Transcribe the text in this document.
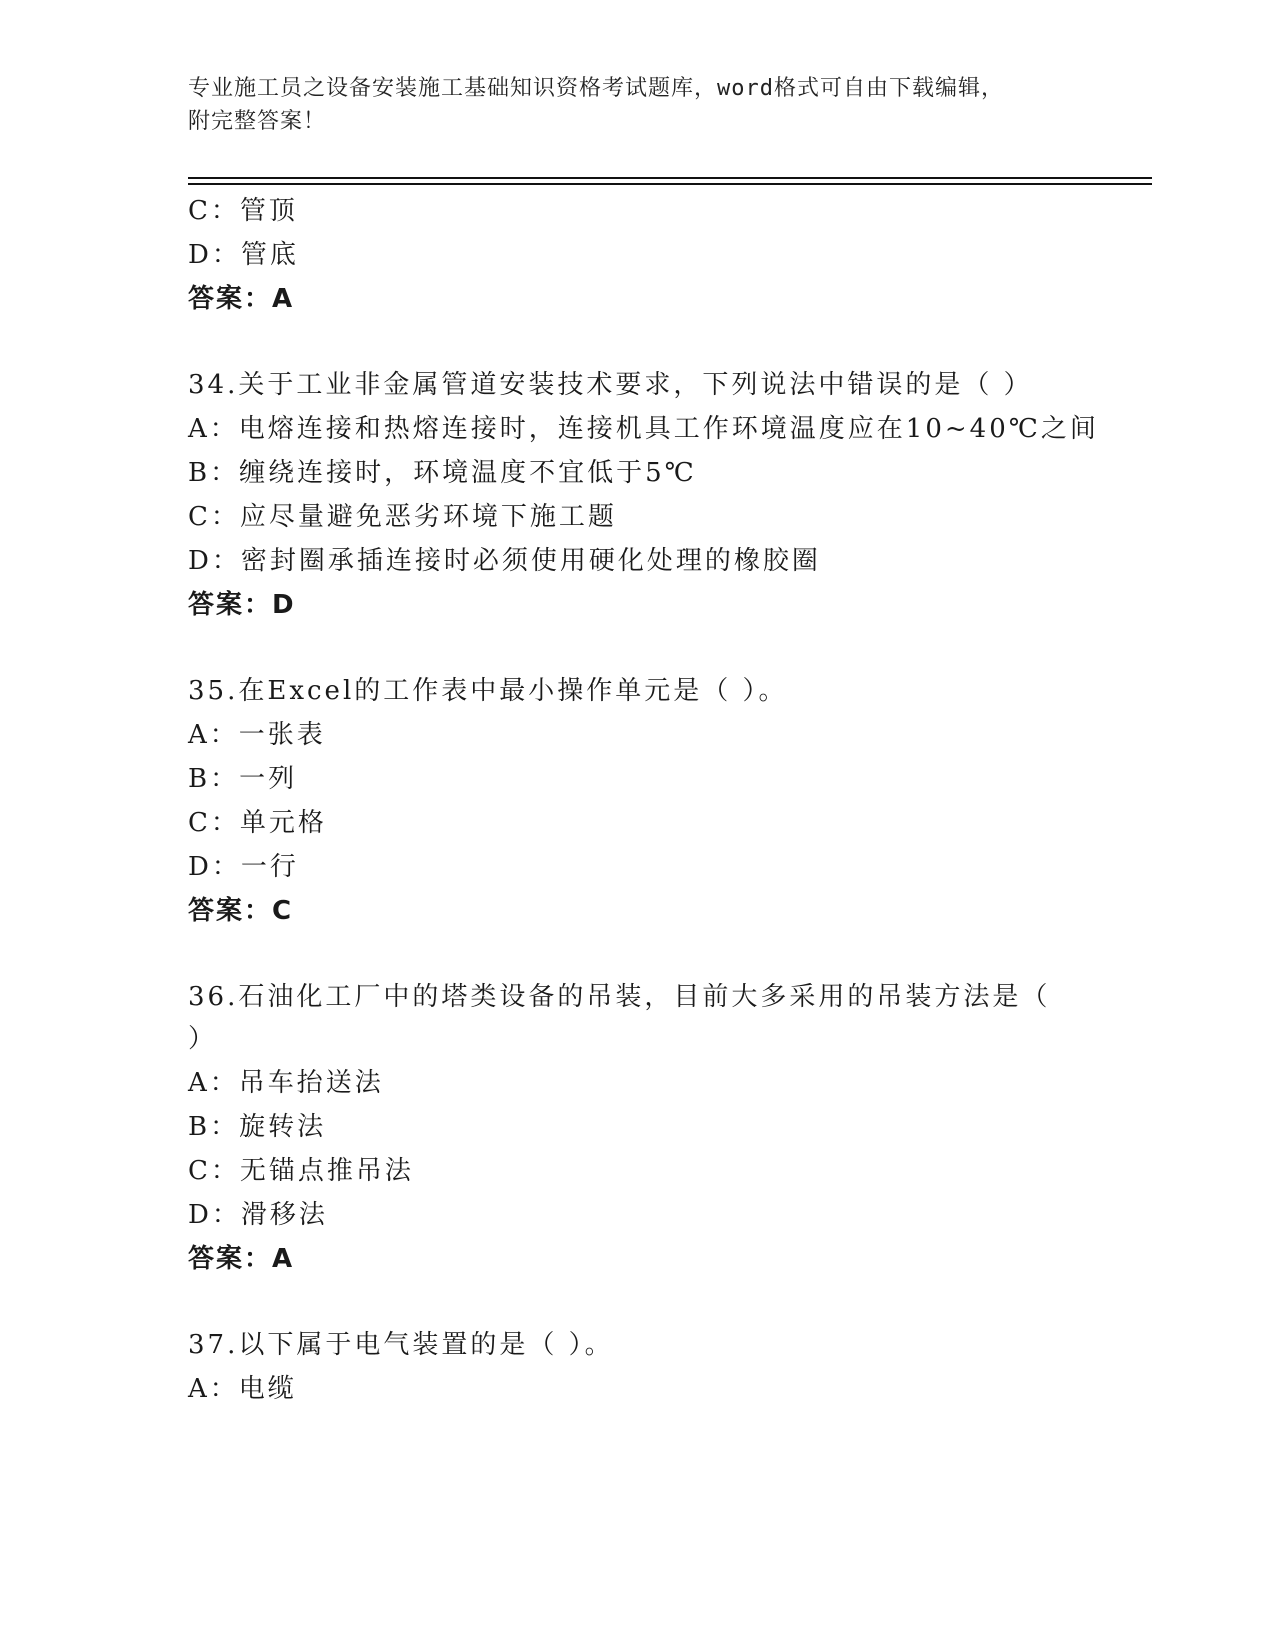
专业施工员之设备安装施工基础知识资格考试题库，word格式可自由下载编辑，
附完整答案！
C：管顶
D：管底
答案：A
34.关于工业非金属管道安装技术要求，下列说法中错误的是（ ）
A：电熔连接和热熔连接时，连接机具工作环境温度应在10~40℃之间
B：缠绕连接时，环境温度不宜低于5℃
C：应尽量避免恶劣环境下施工题
D：密封圈承插连接时必须使用硬化处理的橡胶圈
答案：D
35.在Excel的工作表中最小操作单元是（ ）。
A：一张表
B：一列
C：单元格
D：一行
答案：C
36.石油化工厂中的塔类设备的吊装，目前大多采用的吊装方法是（
）
A：吊车抬送法
B：旋转法
C：无锚点推吊法
D：滑移法
答案：A
37.以下属于电气装置的是（ ）。
A：电缆
